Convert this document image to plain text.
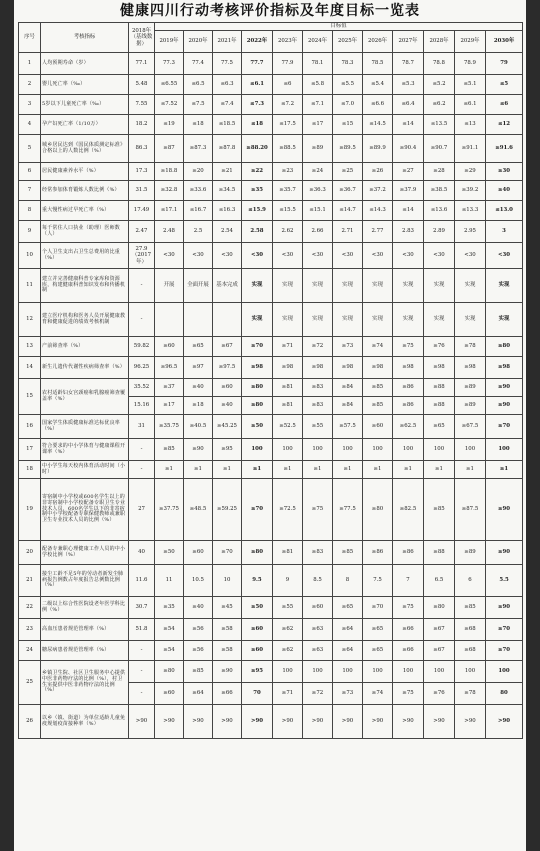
健康四川行动考核评价指标及年度目标一览表
序号	考核指标	2018年（基线数据）	目标值												
			2019年	2020年	2021年	2022年	2023年	2024年	2025年	2026年	2027年	2028年	2029年	2030年	
1	人均预期寿命（岁）	77.1	77.3	77.4	77.5	77.7	77.9	78.1	78.3	78.5	78.7	78.8	78.9	79	
2	婴儿死亡率（‰）	5.48	≤6.55	≤6.5	≤6.3	≤6.1	≤6	≤5.8	≤5.5	≤5.4	≤5.3	≤5.2	≤5.1	≤5	
3	5岁以下儿童死亡率（‰）	7.55	≤7.52	≤7.5	≤7.4	≤7.3	≤7.2	≤7.1	≤7.0	≤6.6	≤6.4	≤6.2	≤6.1	≤6	
4	孕产妇死亡率（1/10万）	18.2	≤19	≤18	≤18.5	≤18	≤17.5	≤17	≤15	≤14.5	≤14	≤13.5	≤13	≤12	
5	城乡居民达到《国民体质测定标准》合格以上的人数比例（%）	86.3	≥87	≥87.3	≥87.8	≥88.20	≥88.5	≥89	≥89.5	≥89.9	≥90.4	≥90.7	≥91.1	≥91.6	
6	居民健康素养水平（%）	17.3	≥18.8	≥20	≥21	≥22	≥23	≥24	≥25	≥26	≥27	≥28	≥29	≥30	
7	经常参加体育锻炼人数比例（%）	31.5	≥32.8	≥33.6	≥34.5	≥35	≥35.7	≥36.3	≥36.7	≥37.2	≥37.9	≥38.5	≥39.2	≥40	
8	重大慢性病过早死亡率（%）	17.49	≤17.1	≤16.7	≤16.3	≤15.9	≤15.5	≤15.1	≤14.7	≤14.3	≤14	≤13.6	≤13.3	≤13.0	
9	每千常住人口执业（助理）医师数（人）	2.47	2.48	2.5	2.54	2.58	2.62	2.66	2.71	2.77	2.83	2.89	2.95	3	
10	个人卫生支出占卫生总费用的比重（%）	27.9（2017年）	<30	<30	<30	<30	<30	<30	<30	<30	<30	<30	<30	<30	
11	建立并完善健康科普专家库和资源库，构建健康科普知识发布和传播机制	-	开展	全面开展	基本完成	实现	实现	实现	实现	实现	实现	实现	实现	实现	
12	建立医疗机构和医务人员开展健康教育和健康促进的绩效考核机制	-				实现	实现	实现	实现	实现	实现	实现	实现	实现	
13	产前筛查率（%）	59.82	≥60	≥65	≥67	≥70	≥71	≥72	≥73	≥74	≥75	≥76	≥78	≥80	
14	新生儿遗传代谢性疾病筛查率（%）	96.25	≥96.5	≥97	≥97.5	≥98	≥98	≥98	≥98	≥98	≥98	≥98	≥98	≥98	
15	农村适龄妇女宫颈癌和乳腺癌筛查覆盖率（%）	35.52	≥37	≥40	≥60	≥80	≥81	≥83	≥84	≥85	≥86	≥88	≥89	≥90	
		15.16	≥17	≥18	≥40	≥80	≥81	≥83	≥84	≥85	≥86	≥88	≥89	≥90	
16	国家学生体质健康标准达标优良率（%）	31	≥35.75	≥40.5	≥45.25	≥50	≥52.5	≥55	≥57.5	≥60	≥62.5	≥65	≥67.5	≥70	
17	符合要求的中小学体育与健康课程开课率（%）	-	≥85	≥90	≥95	100	100	100	100	100	100	100	100	100	
18	中小学生每天校内体育活动时间（小时）	-	≥1	≥1	≥1	≥1	≥1	≥1	≥1	≥1	≥1	≥1	≥1	≥1	
19	寄宿制中小学校或600名学生以上的非寄宿制中小学校配备专职卫生专业技术人员，600名学生以下的非寄宿制中小学校配备专职保健教师或兼职卫生专业技术人员的比例（%）	27	≥37.75	≥48.5	≥59.25	≥70	≥72.5	≥75	≥77.5	≥80	≥82.5	≥85	≥87.5	≥90	
20	配备专兼职心理健康工作人员的中小学校比例（%）	40	≥50	≥60	≥70	≥80	≥81	≥83	≥85	≥86	≥86	≥88	≥89	≥90	
21	接尘工龄不足5年的劳动者新发尘肺病报告例数占年度报告总例数比例（%）	11.6	11	10.5	10	9.5	9	8.5	8	7.5	7	6.5	6	5.5	
22	二级以上综合性医院设老年医学科比例（%）	30.7	≥35	≥40	≥45	≥50	≥55	≥60	≥65	≥70	≥75	≥80	≥85	≥90	
23	高血压患者规范管理率（%）	51.8	≥54	≥56	≥58	≥60	≥62	≥63	≥64	≥65	≥66	≥67	≥68	≥70	
24	糖尿病患者规范管理率（%）	-	≥54	≥56	≥58	≥60	≥62	≥63	≥64	≥65	≥66	≥67	≥68	≥70	
25	乡镇卫生院、社区卫生服务中心提供中医非药物疗法的比例（%），村卫生室提供中医非药物疗法的比例（%）	-	≥80	≥85	≥90	≥95	100	100	100	100	100	100	100	100	
		-	≥60	≥64	≥66	70	≥71	≥72	≥73	≥74	≥75	≥76	≥78	80	
26	以乡（镇、街道）为单位适龄儿童免疫规划疫苗接种率（%）	>90	>90	>90	>90	>90	>90	>90	>90	>90	>90	>90	>90	>90	
